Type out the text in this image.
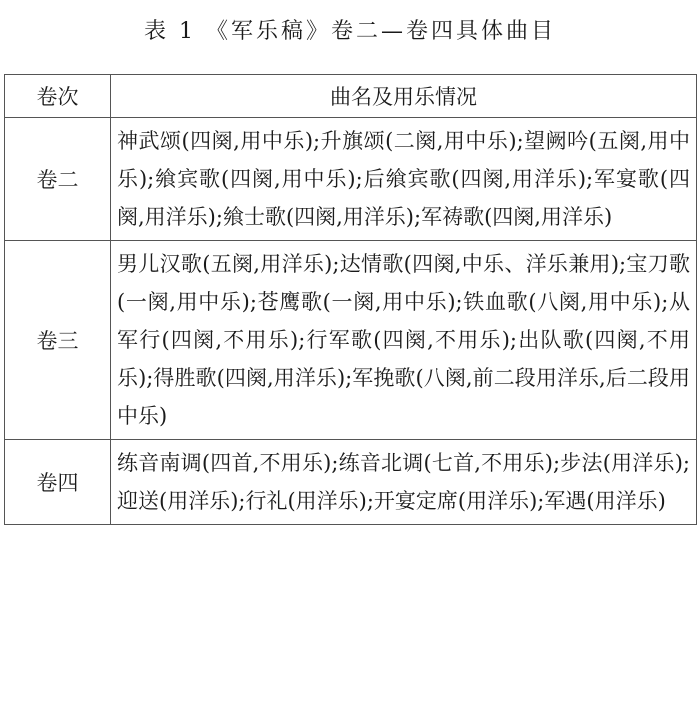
表 1 《军乐稿》卷二—卷四具体曲目
卷次	曲名及用乐情况
卷二	神武颂(四阕,用中乐);升旗颂(二阕,用中乐);望阙吟(五阕,用中乐);飨宾歌(四阕,用中乐);后飨宾歌(四阕,用洋乐);军宴歌(四阕,用洋乐);飨士歌(四阕,用洋乐);军祷歌(四阕,用洋乐)
卷三	男儿汉歌(五阕,用洋乐);达情歌(四阕,中乐、洋乐兼用);宝刀歌(一阕,用中乐);苍鹰歌(一阕,用中乐);铁血歌(八阕,用中乐);从军行(四阕,不用乐);行军歌(四阕,不用乐);出队歌(四阕,不用乐);得胜歌(四阕,用洋乐);军挽歌(八阕,前二段用洋乐,后二段用中乐)
卷四	练音南调(四首,不用乐);练音北调(七首,不用乐);步法(用洋乐);迎送(用洋乐);行礼(用洋乐);开宴定席(用洋乐);军遇(用洋乐)
